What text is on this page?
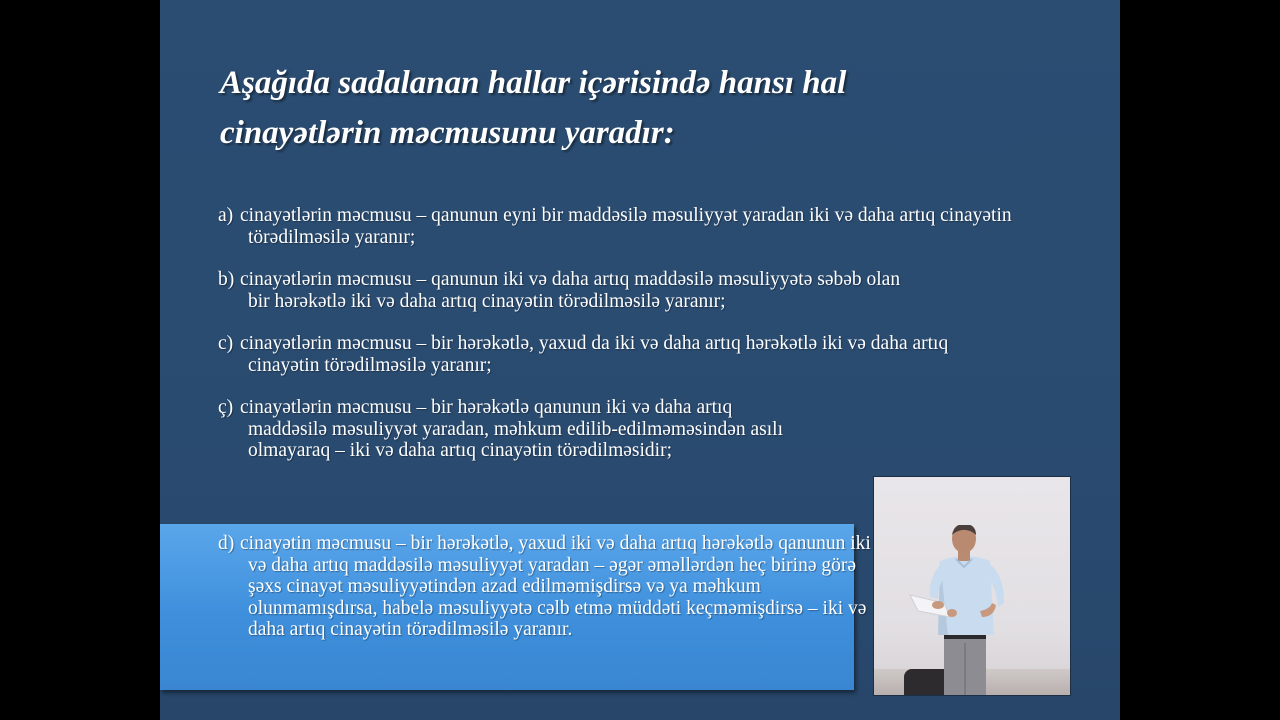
Aşağıda sadalanan hallar içərisində hansı hal
cinayətlərin məcmusunu yaradır:
a) cinayətlərin məcmusu – qanunun eyni bir maddəsilə məsuliyyət yaradan iki və daha artıq cinayətin törədilməsilə yaranır;
b) cinayətlərin məcmusu – qanunun iki və daha artıq maddəsilə məsuliyyətə səbəb olan bir hərəkətlə iki və daha artıq cinayətin törədilməsilə yaranır;
c) cinayətlərin məcmusu – bir hərəkətlə, yaxud da iki və daha artıq hərəkətlə iki və daha artıq cinayətin törədilməsilə yaranır;
ç) cinayətlərin məcmusu – bir hərəkətlə qanunun iki və daha artıq maddəsilə məsuliyyət yaradan, məhkum edilib-edilməməsindən asılı olmayaraq – iki və daha artıq cinayətin törədilməsidir;
d) cinayətin məcmusu – bir hərəkətlə, yaxud iki və daha artıq hərəkətlə qanunun iki və daha artıq maddəsilə məsuliyyət yaradan – əgər əməllərdən heç birinə görə şəxs cinayət məsuliyyətindən azad edilməmişdirsə və ya məhkum olunmamışdırsa, habelə məsuliyyətə cəlb etmə müddəti keçməmişdirsə – iki və daha artıq cinayətin törədilməsilə yaranır.
